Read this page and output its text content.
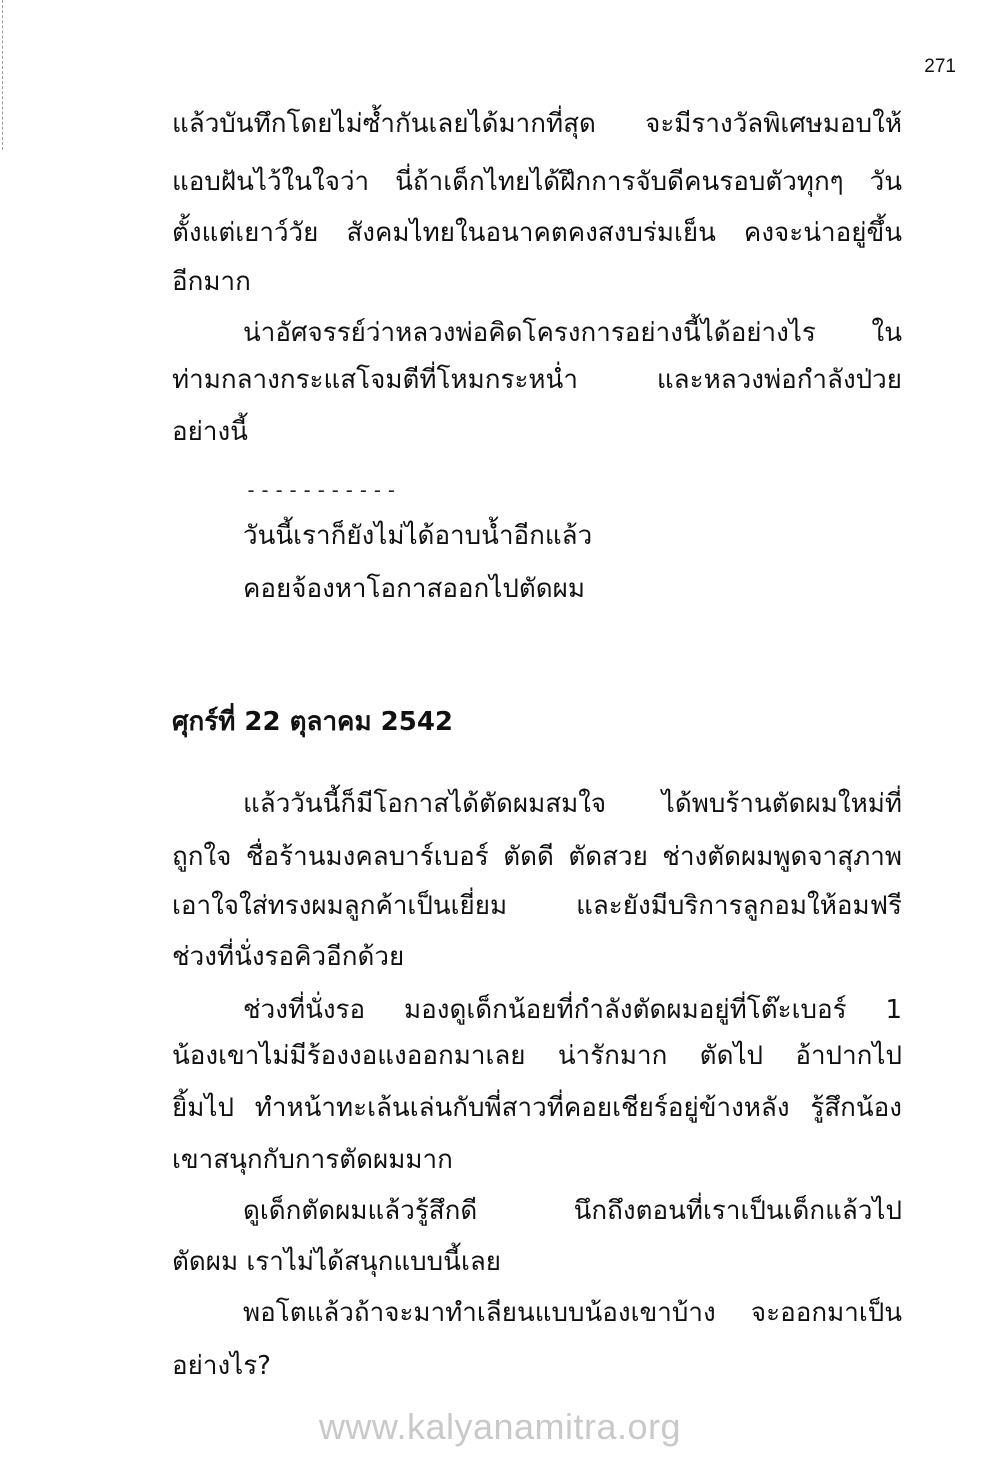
271
แล้วบันทึกโดยไม่ซ้ำกันเลยได้มากที่สุด จะมีรางวัลพิเศษมอบให้
แอบฝันไว้ในใจว่า นี่ถ้าเด็กไทยได้ฝึกการจับดีคนรอบตัวทุกๆ วัน
ตั้งแต่เยาว์วัย สังคมไทยในอนาคตคงสงบร่มเย็น คงจะน่าอยู่ขึ้น
อีกมาก
น่าอัศจรรย์ว่าหลวงพ่อคิดโครงการอย่างนี้ได้อย่างไร ใน
ท่ามกลางกระแสโจมตีที่โหมกระหน่ำ และหลวงพ่อกำลังป่วย
อย่างนี้
-----------
วันนี้เราก็ยังไม่ได้อาบน้ำอีกแล้ว
คอยจ้องหาโอกาสออกไปตัดผม
ศุกร์ที่ 22 ตุลาคม 2542
แล้ววันนี้ก็มีโอกาสได้ตัดผมสมใจ ได้พบร้านตัดผมใหม่ที่
ถูกใจ ชื่อร้านมงคลบาร์เบอร์ ตัดดี ตัดสวย ช่างตัดผมพูดจาสุภาพ
เอาใจใส่ทรงผมลูกค้าเป็นเยี่ยม และยังมีบริการลูกอมให้อมฟรี
ช่วงที่นั่งรอคิวอีกด้วย
ช่วงที่นั่งรอ มองดูเด็กน้อยที่กำลังตัดผมอยู่ที่โต๊ะเบอร์ 1
น้องเขาไม่มีร้องงอแงออกมาเลย น่ารักมาก ตัดไป อ้าปากไป
ยิ้มไป ทำหน้าทะเล้นเล่นกับพี่สาวที่คอยเชียร์อยู่ข้างหลัง รู้สึกน้อง
เขาสนุกกับการตัดผมมาก
ดูเด็กตัดผมแล้วรู้สึกดี นึกถึงตอนที่เราเป็นเด็กแล้วไป
ตัดผม เราไม่ได้สนุกแบบนี้เลย
พอโตแล้วถ้าจะมาทำเลียนแบบน้องเขาบ้าง จะออกมาเป็น
อย่างไร?
www.kalyanamitra.org
